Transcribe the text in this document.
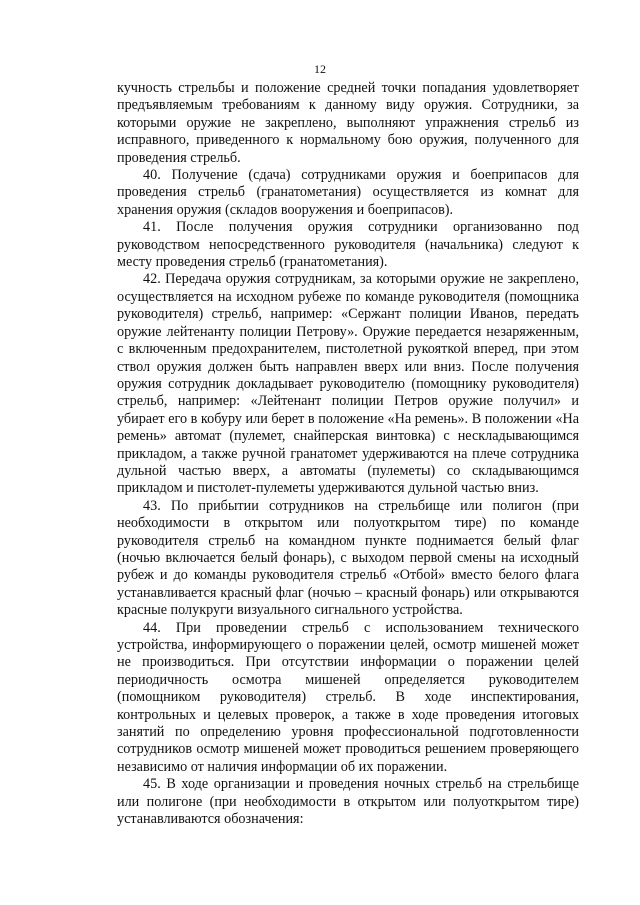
12

кучность стрельбы и положение средней точки попадания удовлетворяет предъявляемым требованиям к данному виду оружия. Сотрудники, за которыми оружие не закреплено, выполняют упражнения стрельб из исправного, приведенного к нормальному бою оружия, полученного для проведения стрельб.

40. Получение (сдача) сотрудниками оружия и боеприпасов для проведения стрельб (гранатометания) осуществляется из комнат для хранения оружия (складов вооружения и боеприпасов).

41. После получения оружия сотрудники организованно под руководством непосредственного руководителя (начальника) следуют к месту проведения стрельб (гранатометания).

42. Передача оружия сотрудникам, за которыми оружие не закреплено, осуществляется на исходном рубеже по команде руководителя (помощника руководителя) стрельб, например: «Сержант полиции Иванов, передать оружие лейтенанту полиции Петрову». Оружие передается незаряженным, с включенным предохранителем, пистолетной рукояткой вперед, при этом ствол оружия должен быть направлен вверх или вниз. После получения оружия сотрудник докладывает руководителю (помощнику руководителя) стрельб, например: «Лейтенант полиции Петров оружие получил» и убирает его в кобуру или берет в положение «На ремень». В положении «На ремень» автомат (пулемет, снайперская винтовка) с нескладывающимся прикладом, а также ручной гранатомет удерживаются на плече сотрудника дульной частью вверх, а автоматы (пулеметы) со складывающимся прикладом и пистолет-пулеметы удерживаются дульной частью вниз.

43. По прибытии сотрудников на стрельбище или полигон (при необходимости в открытом или полуоткрытом тире) по команде руководителя стрельб на командном пункте поднимается белый флаг (ночью включается белый фонарь), с выходом первой смены на исходный рубеж и до команды руководителя стрельб «Отбой» вместо белого флага устанавливается красный флаг (ночью – красный фонарь) или открываются красные полукруги визуального сигнального устройства.

44. При проведении стрельб с использованием технического устройства, информирующего о поражении целей, осмотр мишеней может не производиться. При отсутствии информации о поражении целей периодичность осмотра мишеней определяется руководителем (помощником руководителя) стрельб. В ходе инспектирования, контрольных и целевых проверок, а также в ходе проведения итоговых занятий по определению уровня профессиональной подготовленности сотрудников осмотр мишеней может проводиться решением проверяющего независимо от наличия информации об их поражении.

45. В ходе организации и проведения ночных стрельб на стрельбище или полигоне (при необходимости в открытом или полуоткрытом тире) устанавливаются обозначения:
